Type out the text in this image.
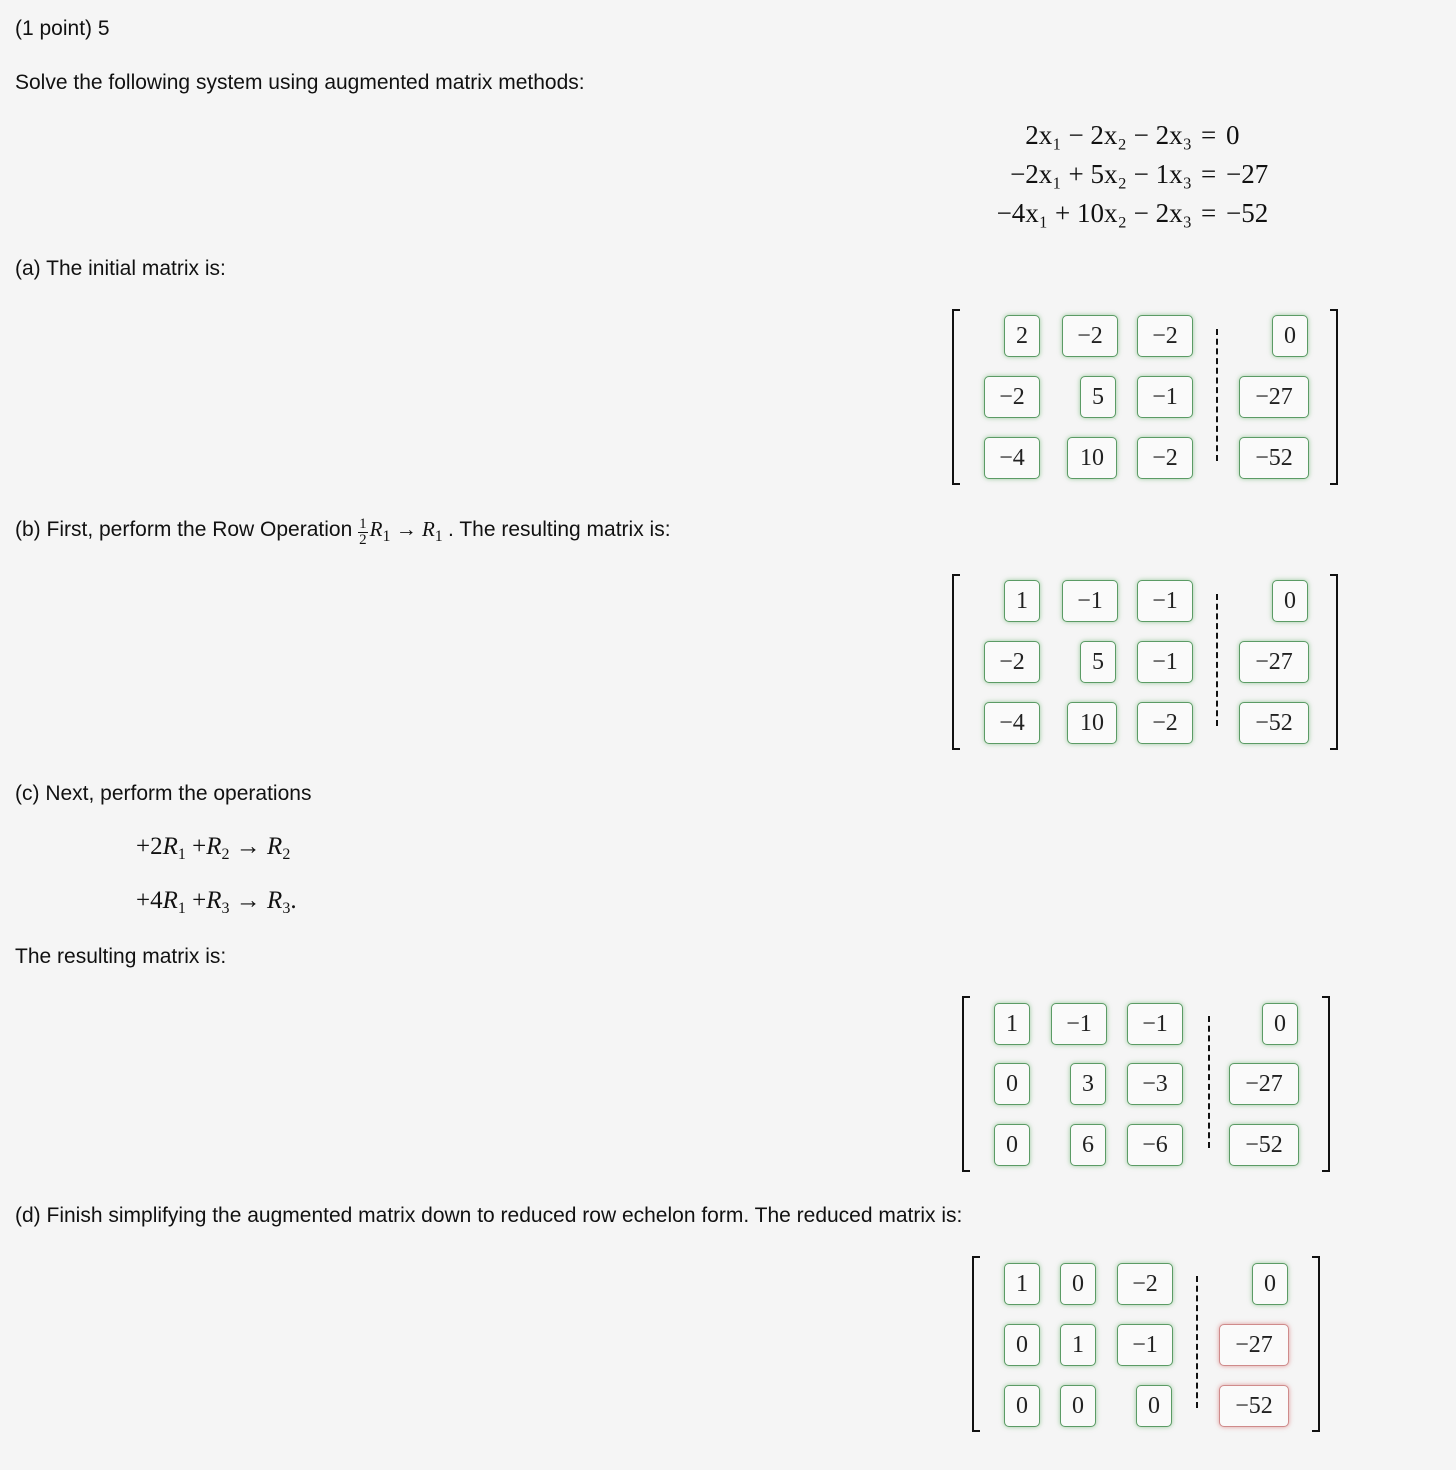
(1 point) 5
Solve the following system using augmented matrix methods:
2x₁ − 2x₂ − 2x₃ = 0
−2x₁ + 5x₂ − 1x₃ = −27
−4x₁ + 10x₂ − 2x₃ = −52
(a) The initial matrix is:
2
−2
−2
0
−2
5
−1
−27
−4
10
−2
−52
(b) First, perform the Row Operation $\frac{1}{2} R_1 \to R_1$ . The resulting matrix is:
1
−1
−1
0
−2
5
−1
−27
−4
10
−2
−52
(c) Next, perform the operations
$+2R_1 +R_2 \to R_2$
$+4R_1 +R_3 \to R_3$.
The resulting matrix is:
1
−1
−1
0
0
3
−3
−27
0
6
−6
−52
(d) Finish simplifying the augmented matrix down to reduced row echelon form. The reduced matrix is:
1
0
−2
0
0
1
−1
−27
0
0
0
−52
